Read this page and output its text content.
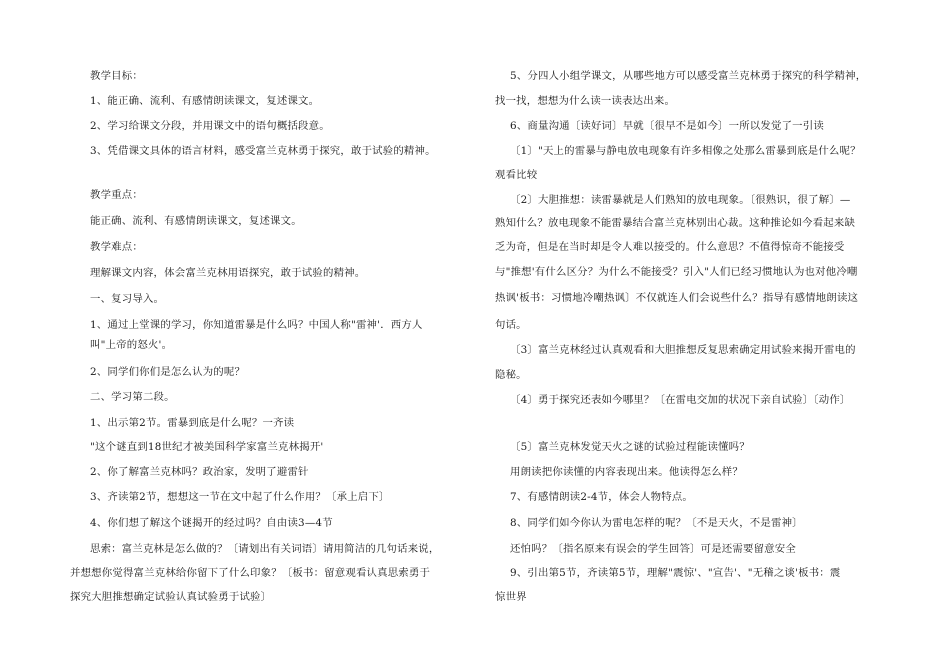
教学目标：
1、能正确、流利、有感情朗读课文，复述课文。
2、学习给课文分段，并用课文中的语句概括段意。
3、凭借课文具体的语言材料，感受富兰克林勇于探究，敢于试验的精神。
教学重点：
能正确、流利、有感情朗读课文，复述课文。
教学难点：
理解课文内容，体会富兰克林用语探究，敢于试验的精神。
一、复习导入。
1、通过上堂课的学习，你知道雷暴是什么吗？中国人称"雷神'．西方人
叫"上帝的怒火'。
2、同学们你们是怎么认为的呢？
二、学习第二段。
1、出示第2节。雷暴到底是什么呢？一齐读
"这个谜直到18世纪才被美国科学家富兰克林揭开'
2、你了解富兰克林吗？政治家，发明了避雷针
3、齐读第2节，想想这一节在文中起了什么作用？〔承上启下〕
4、你们想了解这个谜揭开的经过吗？自由读3—4节
思索：富兰克林是怎么做的？〔请划出有关词语〕请用简洁的几句话来说，
并想想你觉得富兰克林给你留下了什么印象？〔板书：留意观看认真思索勇于
探究大胆推想确定试验认真试验勇于试验〕
5、分四人小组学课文，从哪些地方可以感受富兰克林勇于探究的科学精神，
找一找，想想为什么读一读表达出来。
6、商量沟通〔读好词〕早就〔很早不是如今〕一所以发觉了一引读
〔1〕"天上的雷暴与静电放电现象有许多相像之处那么雷暴到底是什么呢？
观看比较
〔2〕大胆推想：读雷暴就是人们熟知的放电现象。〔很熟识，很了解〕—
熟知什么？放电现象不能雷暴结合富兰克林别出心裁。这种推论如今看起来缺
乏为奇，但是在当时却是令人难以接受的。什么意思？不值得惊奇不能接受
与"推想'有什么区分？为什么不能接受？引入"人们已经习惯地认为也对他冷嘲
热讽'板书：习惯地冷嘲热讽〕不仅就连人们会说些什么？指导有感情地朗读这
句话。
〔3〕富兰克林经过认真观看和大胆推想反复思索确定用试验来揭开雷电的
隐秘。
〔4〕勇于探究还表如今哪里？〔在雷电交加的状况下亲自试验〕〔动作〕
〔5〕富兰克林发觉天火之谜的试验过程能读懂吗？
用朗读把你读懂的内容表现出来。他读得怎么样？
7、有感情朗读2-4节，体会人物特点。
8、同学们如今你认为雷电怎样的呢？〔不是天火，不是雷神〕
还怕吗？〔指名原来有误会的学生回答〕可是还需要留意安全
9、引出第5节，齐读第5节，理解"震惊'、"宣告'、"无稽之谈'板书：震
惊世界
